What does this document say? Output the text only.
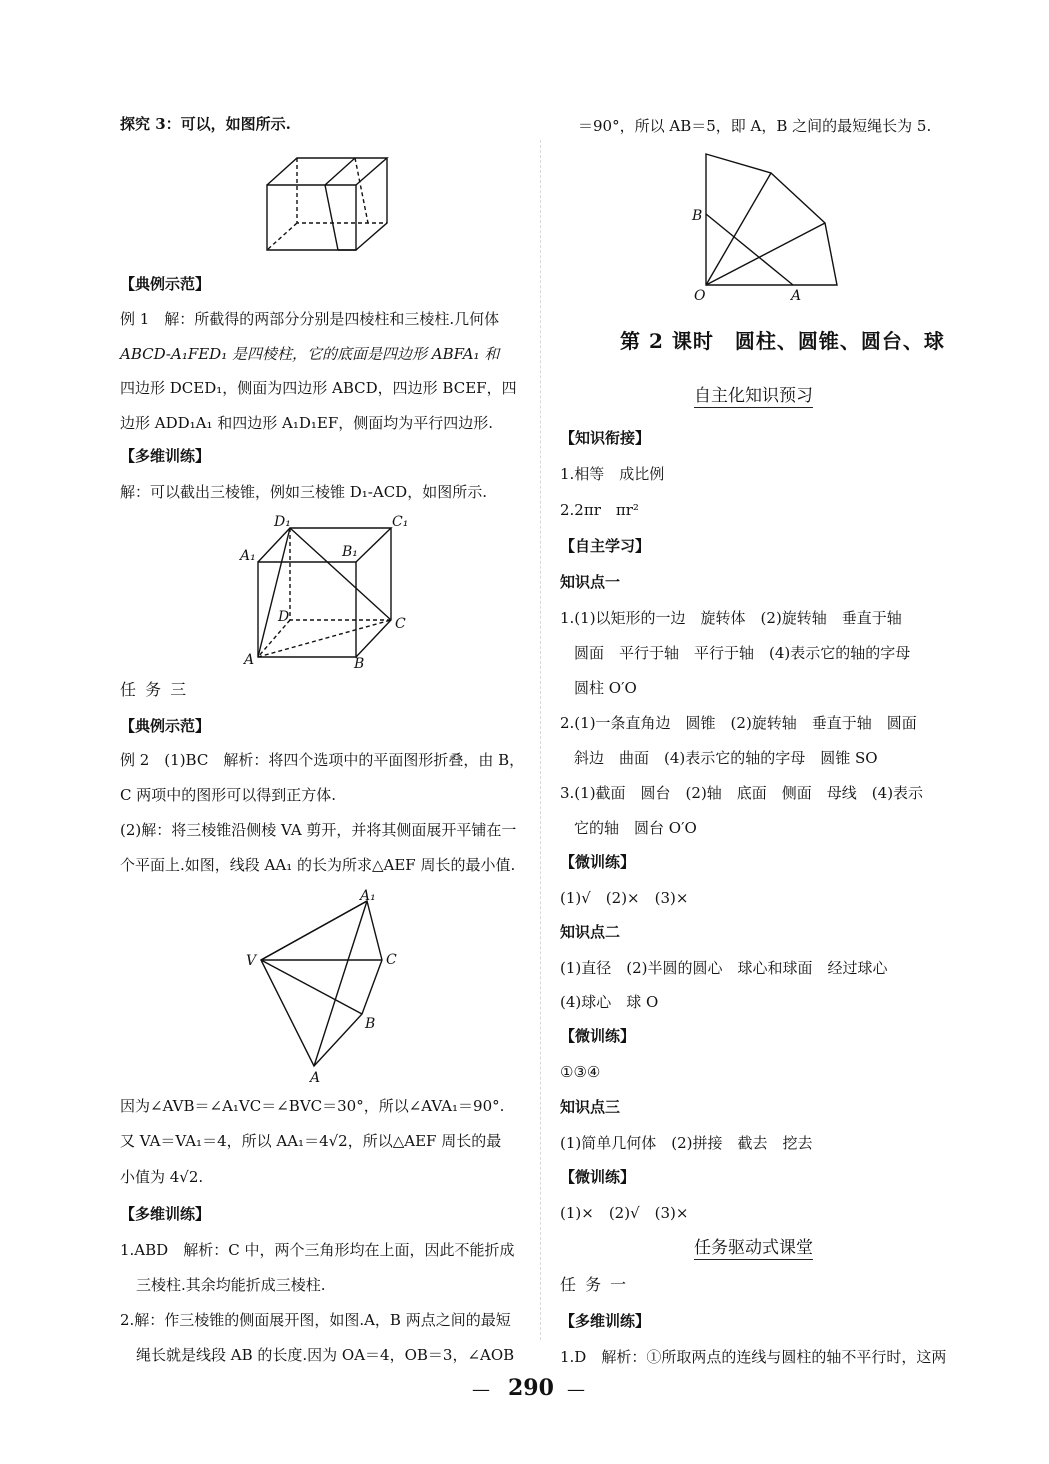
探究 3：可以，如图所示.
【典例示范】
例 1　解：所截得的两部分分别是四棱柱和三棱柱.几何体
ABCD-A₁FED₁ 是四棱柱，它的底面是四边形 ABFA₁ 和
四边形 DCED₁，侧面为四边形 ABCD，四边形 BCEF，四
边形 ADD₁A₁ 和四边形 A₁D₁EF，侧面均为平行四边形.
【多维训练】
解：可以截出三棱锥，例如三棱锥 D₁-ACD，如图所示.
D₁	C₁
A₁	B₁
D	C
A	B
任 务 三
【典例示范】
例 2　(1)BC　解析：将四个选项中的平面图形折叠，由 B，
C 两项中的图形可以得到正方体.
(2)解：将三棱锥沿侧棱 VA 剪开，并将其侧面展开平铺在一
个平面上.如图，线段 AA₁ 的长为所求△AEF 周长的最小值.
A₁
V	C
B
A
因为∠AVB＝∠A₁VC＝∠BVC＝30°，所以∠AVA₁＝90°.
又 VA＝VA₁＝4，所以 AA₁＝4√2，所以△AEF 周长的最
小值为 4√2.
【多维训练】
1.ABD　解析：C 中，两个三角形均在上面，因此不能折成
三棱柱.其余均能折成三棱柱.
2.解：作三棱锥的侧面展开图，如图.A，B 两点之间的最短
绳长就是线段 AB 的长度.因为 OA＝4，OB＝3，∠AOB
＝90°，所以 AB＝5，即 A，B 之间的最短绳长为 5.
B
O	A
第 2 课时　圆柱、圆锥、圆台、球
自主化知识预习
【知识衔接】
1.相等　成比例
2.2πr　πr²
【自主学习】
知识点一
1.(1)以矩形的一边　旋转体　(2)旋转轴　垂直于轴
圆面　平行于轴　平行于轴　(4)表示它的轴的字母
圆柱 O′O
2.(1)一条直角边　圆锥　(2)旋转轴　垂直于轴　圆面
斜边　曲面　(4)表示它的轴的字母　圆锥 SO
3.(1)截面　圆台　(2)轴　底面　侧面　母线　(4)表示
它的轴　圆台 O′O
【微训练】
(1)√　(2)×　(3)×
知识点二
(1)直径　(2)半圆的圆心　球心和球面　经过球心
(4)球心　球 O
【微训练】
①③④
知识点三
(1)简单几何体　(2)拼接　截去　挖去
【微训练】
(1)×　(2)√　(3)×
任务驱动式课堂
任 务 一
【多维训练】
1.D　解析：①所取两点的连线与圆柱的轴不平行时，这两
— 290 —
